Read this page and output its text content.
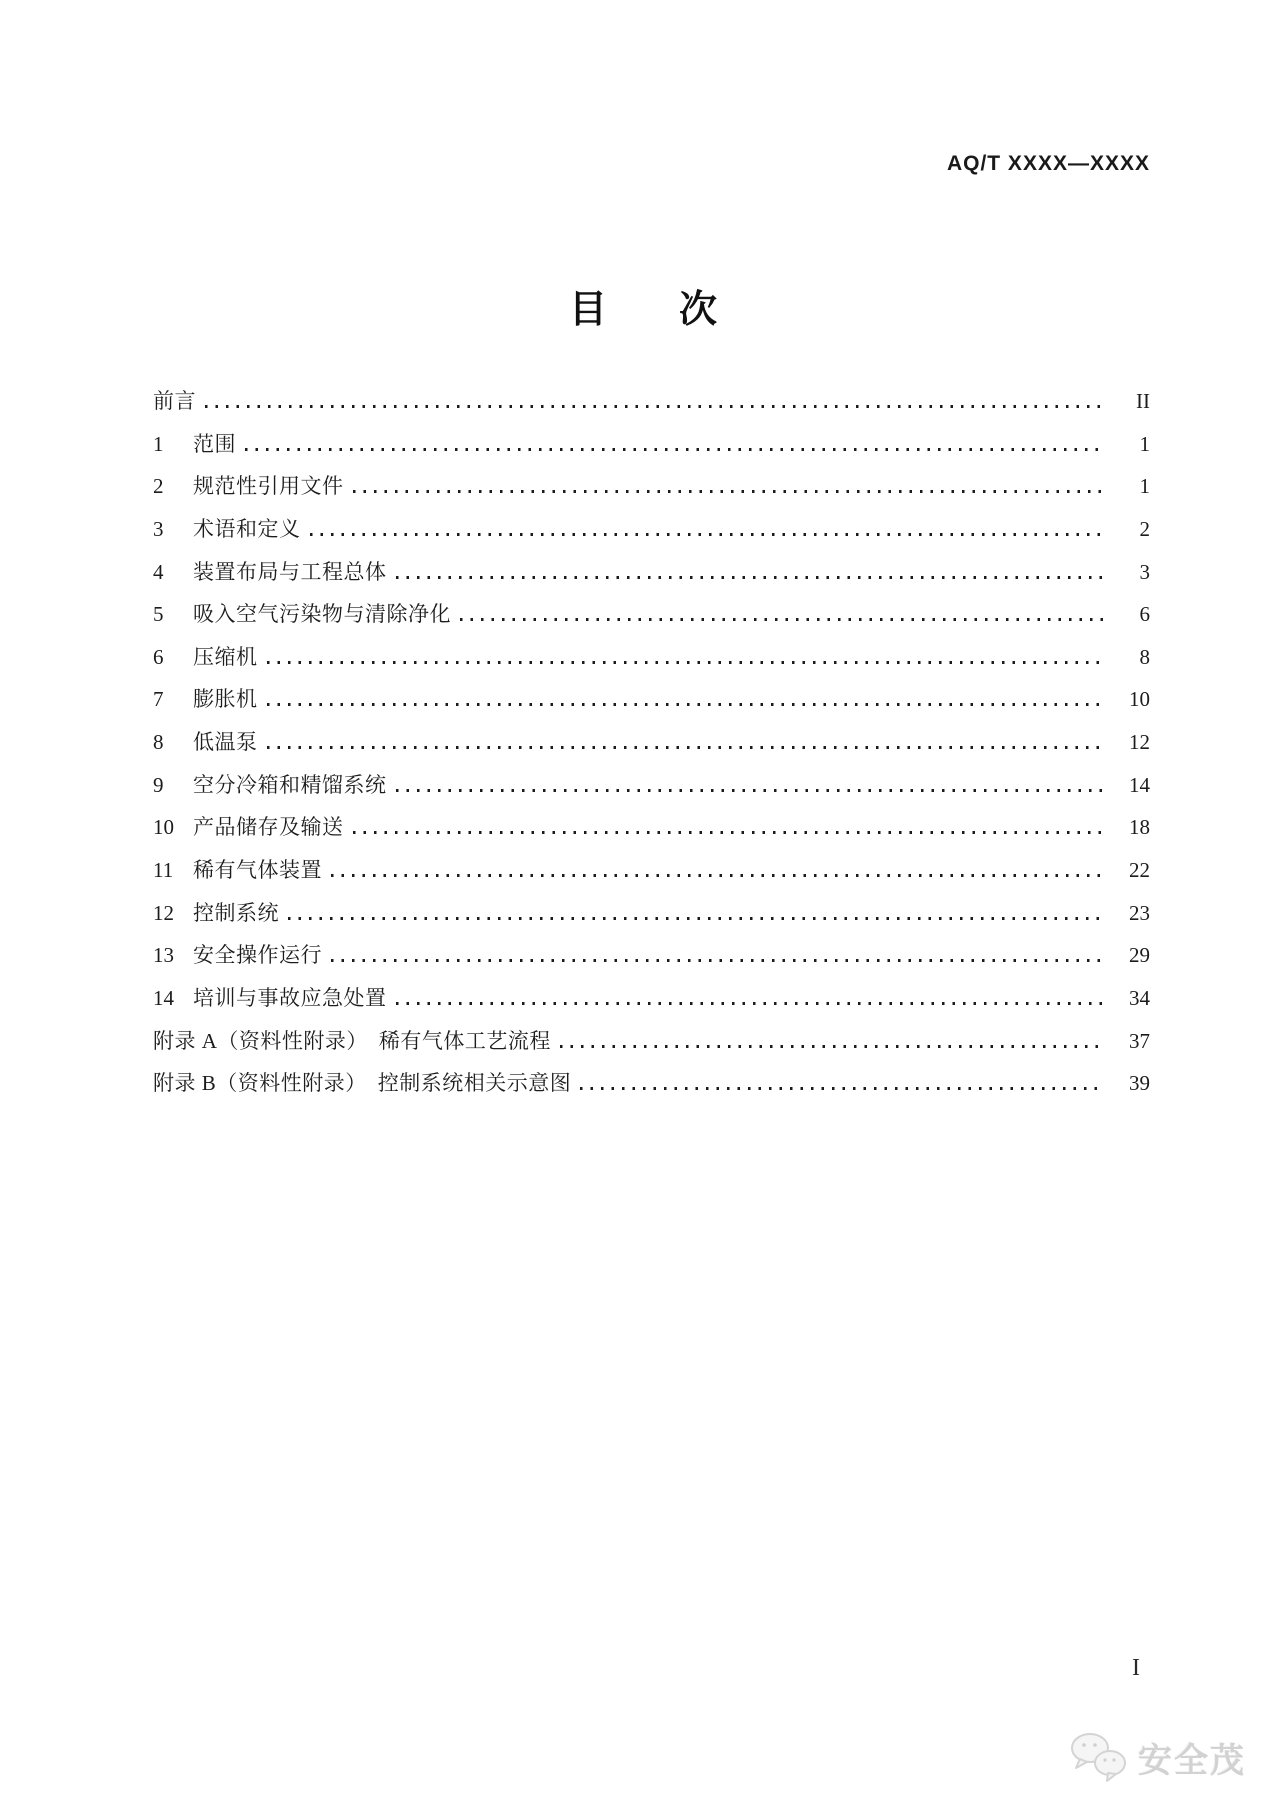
AQ/T XXXX—XXXX
目　次
前言	II
1	范围	1
2	规范性引用文件	1
3	术语和定义	2
4	装置布局与工程总体	3
5	吸入空气污染物与清除净化	6
6	压缩机	8
7	膨胀机	10
8	低温泵	12
9	空分冷箱和精馏系统	14
10 产品储存及输送	18
11 稀有气体装置	22
12 控制系统	23
13 安全操作运行	29
14 培训与事故应急处置	34
附录 A（资料性附录）　稀有气体工艺流程	37
附录 B（资料性附录）　控制系统相关示意图	39
I
安全茂
